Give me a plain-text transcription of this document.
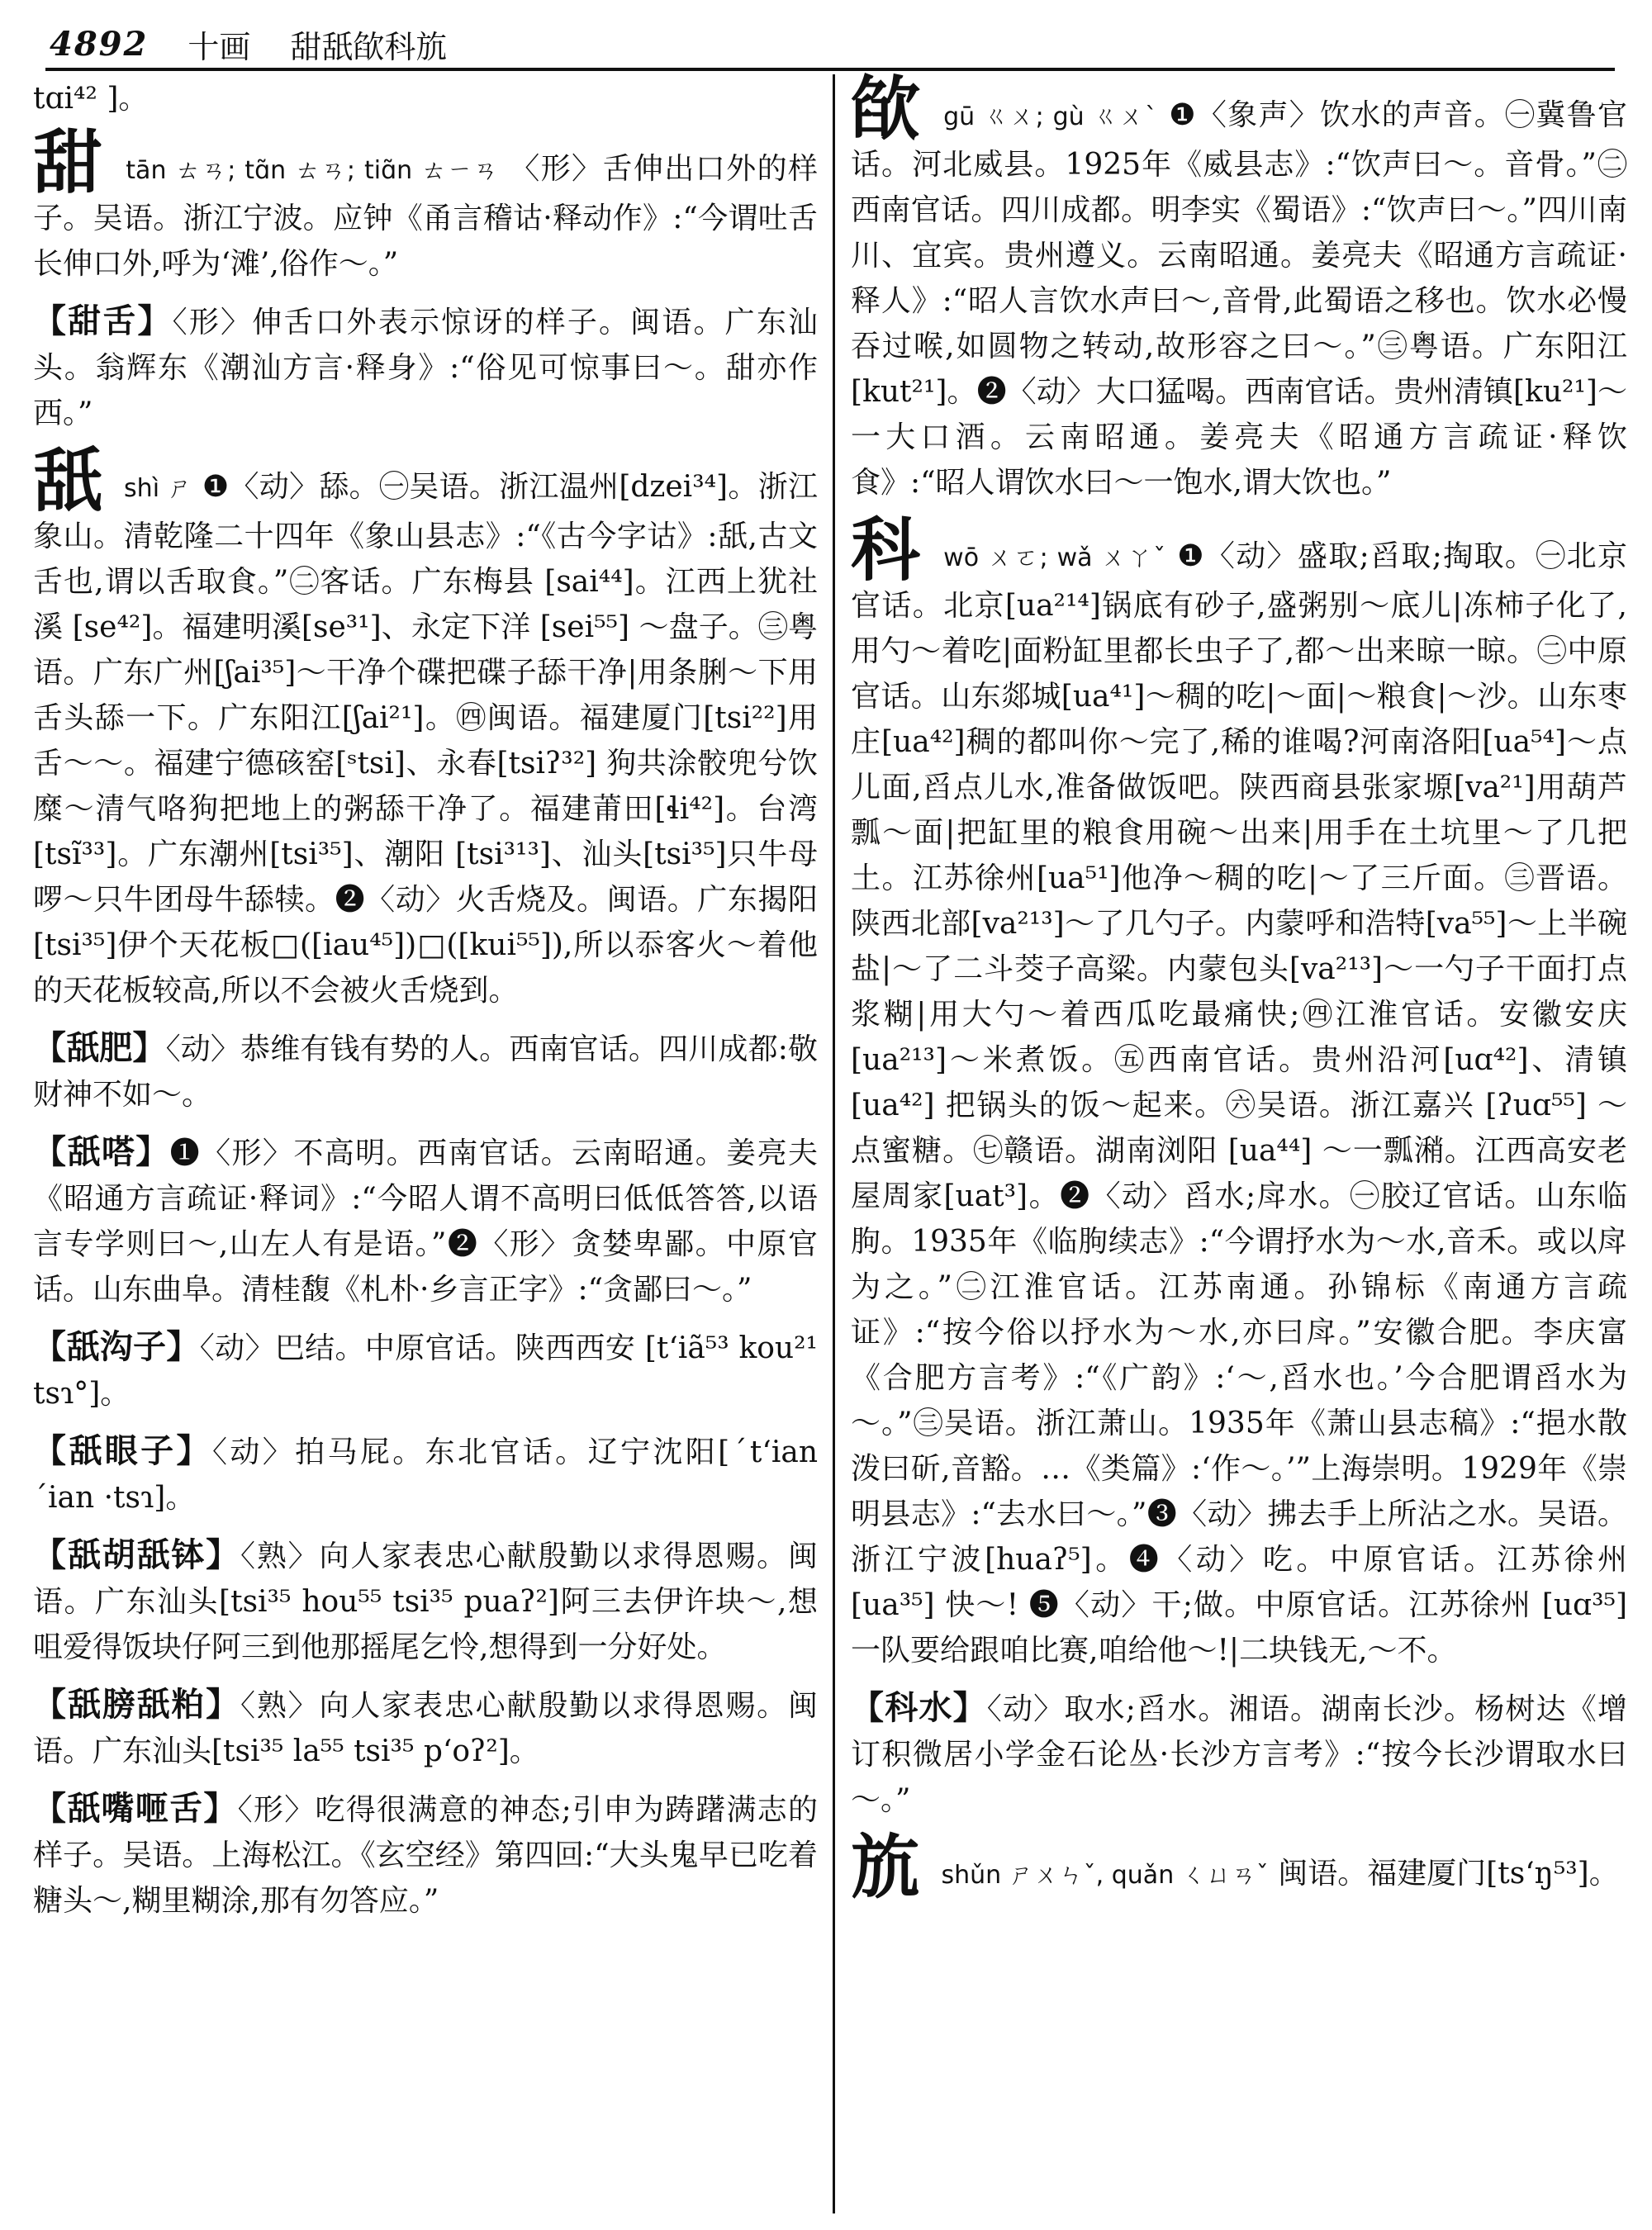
4892 十画 甜舐欿科斻
tɑi⁴² ]。
甜 tān ㄊㄢ; tɑ̃n ㄊㄢ; tiɑ̃n ㄊㄧㄢ 〈形〉舌伸出口外的样子。吴语。浙江宁波。应钟《甬言稽诂·释动作》:“今谓吐舌长伸口外,呼为‘滩’,俗作～。”
【甜舌】〈形〉伸舌口外表示惊讶的样子。闽语。广东汕头。翁辉东《潮汕方言·释身》:“俗见可惊事曰～。甜亦作西。”
舐 shì ㄕ ❶〈动〉舔。㊀吴语。浙江温州[dzei³⁴]。浙江象山。清乾隆二十四年《象山县志》:“《古今字诂》:舐,古文舌也,谓以舌取食。”㊁客话。广东梅县 [sai⁴⁴]。江西上犹社溪 [se⁴²]。福建明溪[se³¹]、永定下洋 [sei⁵⁵] ～盘子。㊂粤语。广东广州[ʃai³⁵]～干净个碟把碟子舔干净|用条脷～下用舌头舔一下。广东阳江[ʃai²¹]。㊃闽语。福建厦门[tsi²²]用舌～～。福建宁德硋窑[ˢtsi]、永春[tsiʔ³²] 狗共涂骹兜兮饮糜～清气咯狗把地上的粥舔干净了。福建莆田[ɬi⁴²]。台湾[tsĩ³³]。广东潮州[tsi³⁵]、潮阳 [tsi³¹³]、汕头[tsi³⁵]只牛母啰～只牛团母牛舔犊。❷〈动〉火舌烧及。闽语。广东揭阳[tsi³⁵]伊个天花板□([iau⁴⁵])□([kui⁵⁵]),所以忝客火～着他的天花板较高,所以不会被火舌烧到。
【舐肥】〈动〉恭维有钱有势的人。西南官话。四川成都:敬财神不如～。
【舐嗒】❶〈形〉不高明。西南官话。云南昭通。姜亮夫《昭通方言疏证·释词》:“今昭人谓不高明曰低低答答,以语言专学则曰～,山左人有是语。”❷〈形〉贪婪卑鄙。中原官话。山东曲阜。清桂馥《札朴·乡言正字》:“贪鄙曰～。”
【舐沟子】〈动〉巴结。中原官话。陕西西安 [tʻiã⁵³ kou²¹ tsɿ°]。
【舐眼子】〈动〉拍马屁。东北官话。辽宁沈阳[ˊtʻian ˊian ·tsɿ]。
【舐胡舐钵】〈熟〉向人家表忠心献殷勤以求得恩赐。闽语。广东汕头[tsi³⁵ hou⁵⁵ tsi³⁵ puaʔ²]阿三去伊许块～,想咀爱得饭块仔阿三到他那摇尾乞怜,想得到一分好处。
【舐膀舐粕】〈熟〉向人家表忠心献殷勤以求得恩赐。闽语。广东汕头[tsi³⁵ la⁵⁵ tsi³⁵ pʻoʔ²]。
【舐嘴咂舌】〈形〉吃得很满意的神态;引申为踌躇满志的样子。吴语。上海松江。《玄空经》第四回:“大头鬼早已吃着糖头～,糊里糊涂,那有勿答应。”
欿 gū ㄍㄨ; gù ㄍㄨˋ ❶〈象声〉饮水的声音。㊀冀鲁官话。河北威县。1925年《威县志》:“饮声曰～。音骨。”㊁西南官话。四川成都。明李实《蜀语》:“饮声曰～。”四川南川、宜宾。贵州遵义。云南昭通。姜亮夫《昭通方言疏证·释人》:“昭人言饮水声曰～,音骨,此蜀语之移也。饮水必慢吞过喉,如圆物之转动,故形容之曰～。”㊂粤语。广东阳江[kut²¹]。❷〈动〉大口猛喝。西南官话。贵州清镇[ku²¹]～一大口酒。云南昭通。姜亮夫《昭通方言疏证·释饮食》:“昭人谓饮水曰～一饱水,谓大饮也。”
科 wō ㄨㄛ; wǎ ㄨㄚˇ ❶〈动〉盛取;舀取;掏取。㊀北京官话。北京[ua²¹⁴]锅底有砂子,盛粥别～底儿|冻柿子化了,用勺～着吃|面粉缸里都长虫子了,都～出来晾一晾。㊁中原官话。山东郯城[ua⁴¹]～稠的吃|～面|～粮食|～沙。山东枣庄[ua⁴²]稠的都叫你～完了,稀的谁喝?河南洛阳[ua⁵⁴]～点儿面,舀点儿水,准备做饭吧。陕西商县张家塬[va²¹]用葫芦瓢～面|把缸里的粮食用碗～出来|用手在土坑里～了几把土。江苏徐州[ua⁵¹]他净～稠的吃|～了三斤面。㊂晋语。陕西北部[va²¹³]～了几勺子。内蒙呼和浩特[va⁵⁵]～上半碗盐|～了二斗茭子高粱。内蒙包头[va²¹³]～一勺子干面打点浆糊|用大勺～着西瓜吃最痛快;㊃江淮官话。安徽安庆[ua²¹³]～米煮饭。㊄西南官话。贵州沿河[uɑ⁴²]、清镇 [ua⁴²] 把锅头的饭～起来。㊅吴语。浙江嘉兴 [ʔuɑ⁵⁵] ～点蜜糖。㊆赣语。湖南浏阳 [ua⁴⁴] ～一瓢潲。江西高安老屋周家[uat³]。❷〈动〉舀水;戽水。㊀胶辽官话。山东临朐。1935年《临朐续志》:“今谓抒水为～水,音禾。或以戽为之。”㊁江淮官话。江苏南通。孙锦标《南通方言疏证》:“按今俗以抒水为～水,亦曰戽。”安徽合肥。李庆富《合肥方言考》:“《广韵》:‘～,舀水也。’今合肥谓舀水为～。”㊂吴语。浙江萧山。1935年《萧山县志稿》:“挹水散泼曰斫,音豁。…《类篇》:‘作～。’”上海崇明。1929年《崇明县志》:“去水曰～。”❸〈动〉拂去手上所沾之水。吴语。浙江宁波[huaʔ⁵]。❹〈动〉吃。中原官话。江苏徐州 [ua³⁵] 快～! ❺〈动〉干;做。中原官话。江苏徐州 [uɑ³⁵] 一队要给跟咱比赛,咱给他～!|二块钱无,～不。
【科水】〈动〉取水;舀水。湘语。湖南长沙。杨树达《增订积微居小学金石论丛·长沙方言考》:“按今长沙谓取水曰～。”
斻 shǔn ㄕㄨㄣˇ, quǎn ㄑㄩㄢˇ 闽语。福建厦门[tsʻŋ⁵³]。
